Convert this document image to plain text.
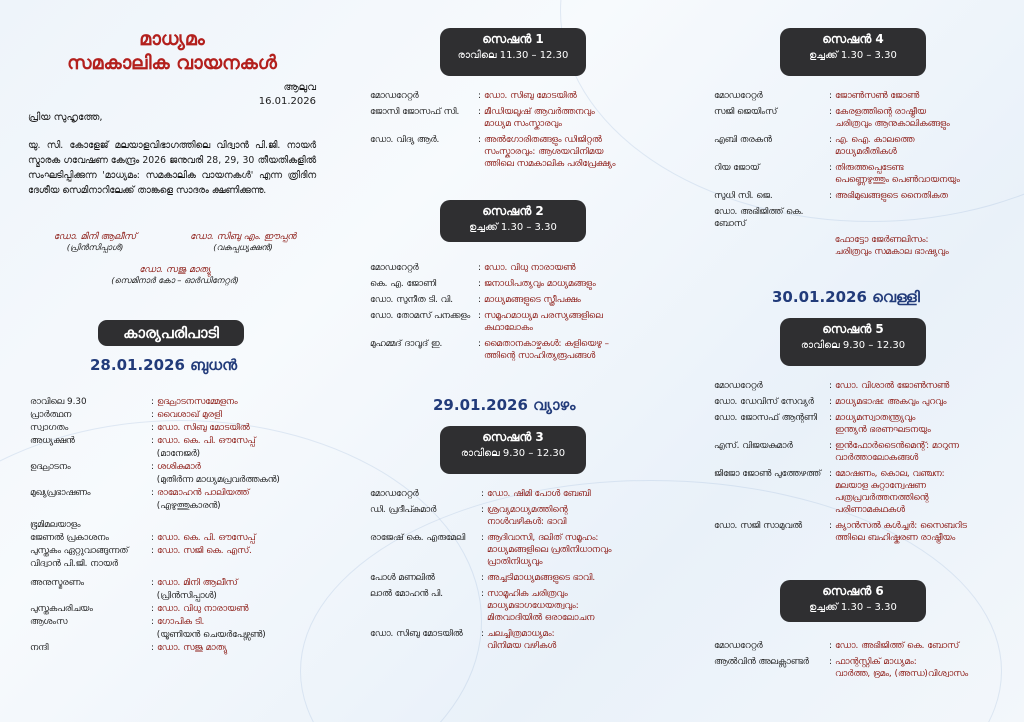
മാധ്യമം
സമകാലിക വായനകൾ
ആലുവ
16.01.2026
പ്രിയ സുഹൃത്തേ,
യു. സി. കോളേജ് മലയാളവിഭാഗത്തിലെ വിദ്വാൻ പി.ജി. നായർ സ്മാരക ഗവേഷണ കേന്ദ്രം 2026 ജനുവരി 28, 29, 30 തീയതികളിൽ സംഘടിപ്പിക്കുന്ന 'മാധ്യമം: സമകാലിക വായനകൾ' എന്ന ത്രിദിന ദേശീയ സെമിനാറിലേക്ക് താങ്കളെ സാദരം ക്ഷണിക്കുന്നു.
ഡോ. മിനി ആലീസ്
(പ്രിൻസിപ്പാൾ)
ഡോ. സിബു എം. ഈപ്പൻ
(വകുപ്പധ്യക്ഷൻ)
ഡോ. സജു മാത്യു
(സെമിനാർ കോ – ഓർഡിനേറ്റർ)
കാര്യപരിപാടി
28.01.2026 ബുധൻ
രാവിലെ 9.30	: ഉദ്ഘാടനസമ്മേളനം
പ്രാർത്ഥന	: വൈശാഖ് മുരളി
സ്വാഗതം	: ഡോ. സിബു മോടയിൽ
അധ്യക്ഷൻ	: ഡോ. കെ. പി. ഔസേപ്പ്

(മാനേജർ)
ഉദ്ഘാടനം	: ശശികുമാർ

(മുതിർന്ന മാധ്യമപ്രവർത്തകൻ)
മുഖ്യപ്രഭാഷണം	: രാമോഹൻ പാലിയത്ത്

(എഴുത്തുകാരൻ)
ഭൂമിമലയാളം
ജേണൽ പ്രകാശനം	: ഡോ. കെ. പി. ഔസേപ്പ്
പുസ്തകം ഏറ്റുവാങ്ങുന്നത്	: ഡോ. സജി കെ. എസ്.
വിദ്വാൻ പി.ജി. നായർ
അനുസ്മരണം	: ഡോ. മിനി ആലീസ്

(പ്രിൻസിപ്പാൾ)
പുസ്തകപരിചയം	: ഡോ. വിധു നാരായൺ
ആശംസ	: ഗോപിക ടി.

(യൂണിയൻ ചെയർപേഴ്സൺ)
നന്ദി	: ഡോ. സജു മാത്യു
സെഷൻ 1
രാവിലെ 11.30 – 12.30
മോഡറേറ്റർ	: ഡോ. സിബു മോടയിൽ
ജോസി ജോസഫ് സി.	: മീഡിയലൂഷ് ആവർത്തനവും
മാധ്യമ സംസ്കാരവും
ഡോ. വിദ്യ ആർ.	: അൽഗോരിതങ്ങളും ഡിജിറ്റൽ
സംസ്കാരവും: ആശയവിനിമയ
ത്തിലെ സമകാലിക പരിപ്രേക്ഷ്യം
സെഷൻ 2
ഉച്ചക്ക് 1.30 – 3.30
മോഡറേറ്റർ	: ഡോ. വിധു നാരായൺ
കെ. എ. ജോണി	: ജനാധിപത്യവും മാധ്യമങ്ങളും
ഡോ. സുനീത ടി. വി.	: മാധ്യമങ്ങളുടെ സ്ത്രീപക്ഷം
ഡോ. തോമസ് പനക്കളം : സമൂഹമാധ്യമ പരസ്യങ്ങളിലെ
കഥാലോകം
മുഹമ്മദ് ദാവൂദ് ഇ.	: മൈതാനകാഴ്ചകൾ: കളിയെഴു –
ത്തിന്റെ സാഹിത്യരൂപങ്ങൾ
29.01.2026 വ്യാഴം
സെഷൻ 3
രാവിലെ 9.30 – 12.30
മോഡറേറ്റർ	: ഡോ. ഷിമി പോൾ ബേബി
ഡി. പ്രദീപ്കുമാർ	: ശ്രവ്യമാധ്യമത്തിന്റെ
നാൾവഴികൾ: ഭാവി
രാജേഷ് കെ. എരുമേലി	: ആദിവാസി, ദലിത് സമൂഹം:
മാധ്യമങ്ങളിലെ പ്രതിനിധാനവും
പ്രാതിനിധ്യവും
പോൾ മണലിൽ	: അച്ചടിമാധ്യമങ്ങളുടെ ഭാവി.
ലാൽ മോഹൻ പി.	: സാമൂഹിക ചരിത്രവും
മാധ്യമഭാഗധേയത്വവും:
മിതവാദിയിൽ ഒരാലോചന
ഡോ. സിബു മോടയിൽ	: ചലച്ചിത്രമാധ്യമം:
വിനിമയ വഴികൾ
സെഷൻ 4
ഉച്ചക്ക് 1.30 – 3.30
മോഡറേറ്റർ	: ജോൺസൺ ജോൺ
സജി ജെയിംസ്	: കേരളത്തിന്റെ രാഷ്ട്രീയ
ചരിത്രവും ആനുകാലികങ്ങളും
എബി തരകൻ	: എ. ഐ. കാലത്തെ
മാധ്യമരീതികൾ
റിയ ജോയ്	: തിരുത്തപ്പെടേണ്ട
പെണ്ണെഴുത്തും പെൺവായനയും
സുധി സി. ജെ.	: അഭിമുഖങ്ങളുടെ നൈതികത
ഡോ. അഭിജിത്ത് കെ. ബോസ്

ഫോട്ടോ ജേർണലിസം:
ചരിത്രവും സമകാല ഭാഷ്യവും
30.01.2026 വെള്ളി
സെഷൻ 5
രാവിലെ 9.30 – 12.30
മോഡറേറ്റർ	: ഡോ. വിശാൽ ജോൺസൺ
ഡോ. ഡേവിസ് സേവ്യർ	: മാധ്യമഭാഷ: അകവും പുറവും
ഡോ. ജോസഫ് ആന്റണി	: മാധ്യമസ്വാതന്ത്ര്യവും
ഇന്ത്യൻ ഭരണഘടനയും
എസ്. വിജയകുമാർ	: ഇൻഫോർടൈൻമെന്റ്: മാറുന്ന
വാർത്താലോകങ്ങൾ
ജിജോ ജോൺ പുത്തേഴത്ത് : മോഷണം, കൊല, വഞ്ചന:
മലയാള കുറ്റാന്വേഷണ
പത്രപ്രവർത്തനത്തിന്റെ
പരിണാമകഥകൾ
ഡോ. സജി സാമുവൽ	: ക്യാൻസൽ കൾച്ചർ: സൈബറിട
ത്തിലെ ബഹിഷ്കരണ രാഷ്ട്രീയം
സെഷൻ 6
ഉച്ചക്ക് 1.30 – 3.30
മോഡറേറ്റർ	: ഡോ. അഭിജിത്ത് കെ. ബോസ്
ആൽവിൻ അലക്സാണ്ടർ	: ഫാന്റസ്റ്റിക് മാധ്യമം:
വാർത്ത, ഭ്രമം, (അന്ധ)വിശ്വാസം
